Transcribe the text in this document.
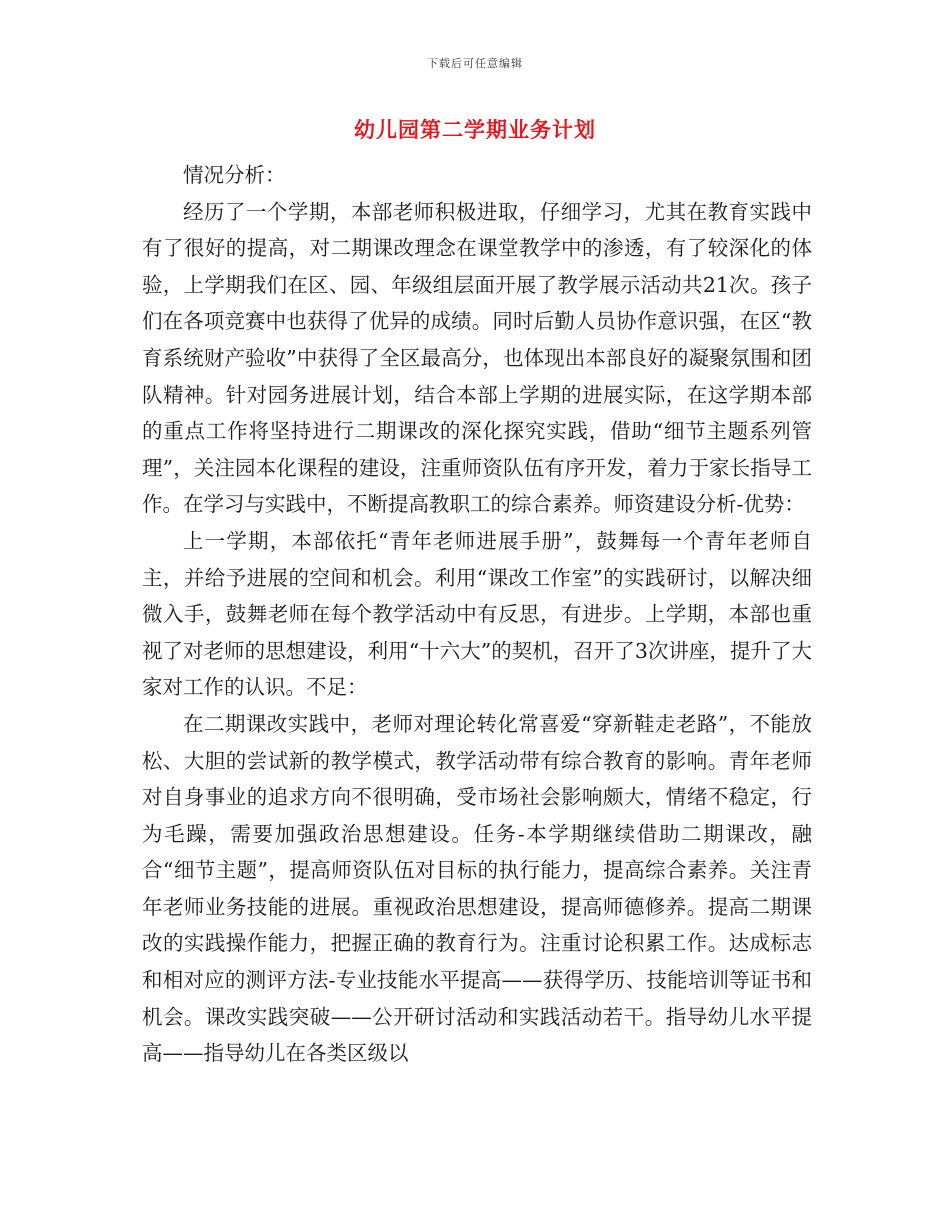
下载后可任意编辑
幼儿园第二学期业务计划

情况分析：

经历了一个学期，本部老师积极进取，仔细学习，尤其在教育实践中有了很好的提高，对二期课改理念在课堂教学中的渗透，有了较深化的体验，上学期我们在区、园、年级组层面开展了教学展示活动共21次。孩子们在各项竞赛中也获得了优异的成绩。同时后勤人员协作意识强，在区“教育系统财产验收”中获得了全区最高分，也体现出本部良好的凝聚氛围和团队精神。针对园务进展计划，结合本部上学期的进展实际，在这学期本部的重点工作将坚持进行二期课改的深化探究实践，借助“细节主题系列管理”，关注园本化课程的建设，注重师资队伍有序开发，着力于家长指导工作。在学习与实践中，不断提高教职工的综合素养。师资建设分析-优势：

上一学期，本部依托“青年老师进展手册”，鼓舞每一个青年老师自主，并给予进展的空间和机会。利用“课改工作室”的实践研讨，以解决细微入手，鼓舞老师在每个教学活动中有反思，有进步。上学期，本部也重视了对老师的思想建设，利用“十六大”的契机，召开了3次讲座，提升了大家对工作的认识。不足：

在二期课改实践中，老师对理论转化常喜爱“穿新鞋走老路”，不能放松、大胆的尝试新的教学模式，教学活动带有综合教育的影响。青年老师对自身事业的追求方向不很明确，受市场社会影响颇大，情绪不稳定，行为毛躁，需要加强政治思想建设。任务-本学期继续借助二期课改，融合“细节主题”，提高师资队伍对目标的执行能力，提高综合素养。关注青年老师业务技能的进展。重视政治思想建设，提高师德修养。提高二期课改的实践操作能力，把握正确的教育行为。注重讨论积累工作。达成标志和相对应的测评方法-专业技能水平提高——获得学历、技能培训等证书和机会。课改实践突破——公开研讨活动和实践活动若干。指导幼儿水平提高——指导幼儿在各类区级以
